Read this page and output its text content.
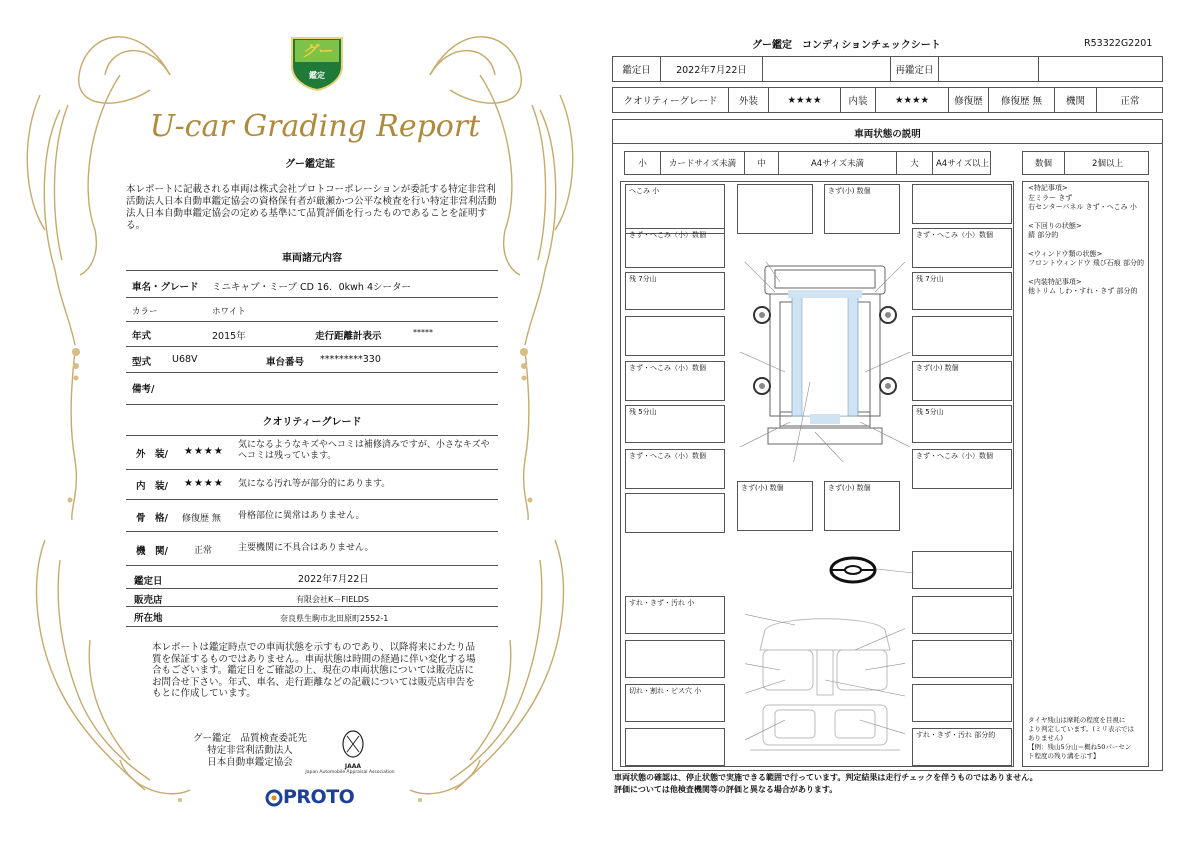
グー
鑑定
U-car Grading Report
グー鑑定証
本レポートに記載される車両は株式会社プロトコーポレーションが委託する特定非営利活動法人日本自動車鑑定協会の資格保有者が厳瀬かつ公平な検査を行い特定非営利活動法人日本自動車鑑定協会の定める基準にて品質評価を行ったものであることを証明する。
車両諸元内容
車名・グレード ミニキャブ・ミーブ CD 16．0kwh 4シーター
カラー	ホワイト
年式	2015年	走行距離計表示	*****
型式 U68V	車台番号 *********330
備考/
クオリティーグレード
外　装/ ★★★★
気になるようなキズやヘコミは補修済みですが、小さなキズやヘコミは残っています。
内　装/ ★★★★ 気になる汚れ等が部分的にあります。
骨　格/ 修復歴 無 骨格部位に異常はありません。
機　関/	正常	主要機関に不具合はありません。
鑑定日	2022年7月22日
販売店	有限会社K－FIELDS
所在地	奈良県生駒市北田原町2552-1
本レポートは鑑定時点での車両状態を示すものであり、以降将来にわたり品質を保証するものではありません。車両状態は時間の経過に伴い変化する場合もございます。鑑定日をご確認の上、現在の車両状態については販売店にお問合せ下さい。年式、車名、走行距離などの記載については販売店申告をもとに作成しています。
グー鑑定　品質検査委託先
特定非営利活動法人
日本自動車鑑定協会	JAAA
Japan Automobile Appraisal Association
PROTO
グー鑑定　コンディションチェックシート	R53322G2201
鑑定日	2022年7月22日	再鑑定日
クオリティーグレード	外装	★★★★	内装	★★★★	修復歴	修復歴 無	機関	正常
車両状態の説明
小	カードサイズ未満	中	A4サイズ未満	大	A4サイズ以上	数個	2個以上
へこみ 小
きず・へこみ（小）数個
残 7分山
きず・へこみ（小）数個
残 5分山
きず・へこみ（小）数個
きず(小) 数個
きず・へこみ（小）数個
残 7分山
きず(小) 数個
残 5分山
きず・へこみ（小）数個
きず(小) 数個	きず(小) 数個
すれ・きず・汚れ 小
切れ・割れ・ビス穴 小
すれ・きず・汚れ 部分的
<特記事項>
左ミラー きず
右センターパネル きず・へこみ 小
<下回りの状態>
錆 部分的
<ウィンドウ類の状態>
フロントウィンドウ 飛び石痕 部分的
<内装特記事項>
他トリム しわ・すれ・きず 部分的
タイヤ残山は摩耗の程度を目視に
より判定しています。(ミリ表示では
ありません)
【例：残山5分山＝概ね50パーセン
ト程度の残り溝を示す】
車両状態の確認は、停止状態で実施できる範囲で行っています。判定結果は走行チェックを伴うものではありません。
評価については他検査機関等の評価と異なる場合があります。
